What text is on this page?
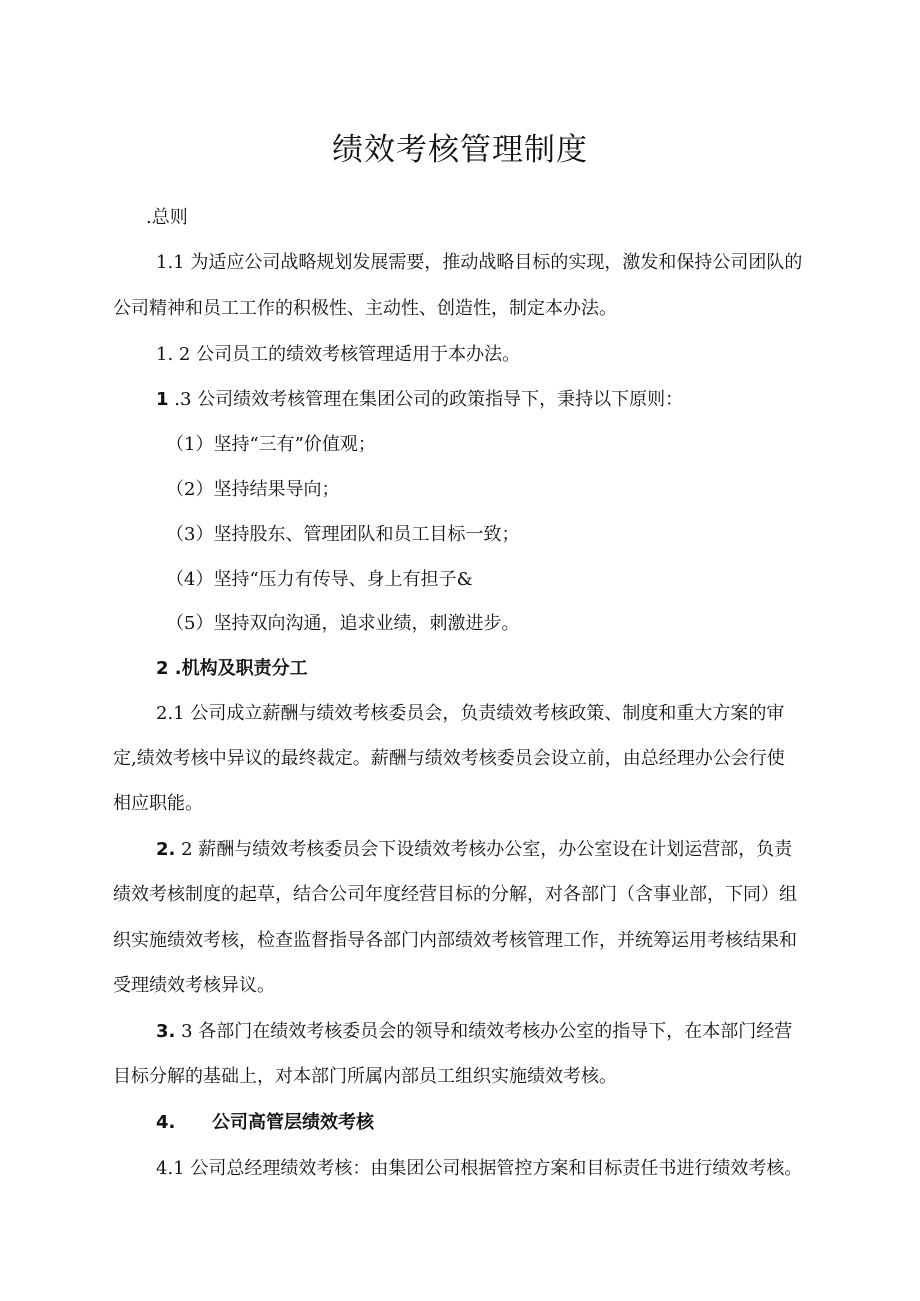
绩效考核管理制度
.总则
1.1 为适应公司战略规划发展需要，推动战略目标的实现，激发和保持公司团队的
公司精神和员工工作的积极性、主动性、创造性，制定本办法。
1. 2 公司员工的绩效考核管理适用于本办法。
1 .3 公司绩效考核管理在集团公司的政策指导下，秉持以下原则：
（1）坚持“三有”价值观；
（2）坚持结果导向；
（3）坚持股东、管理团队和员工目标一致；
（4）坚持“压力有传导、身上有担子&
（5）坚持双向沟通，追求业绩，刺激进步。
2 .机构及职责分工
2.1 公司成立薪酬与绩效考核委员会，负责绩效考核政策、制度和重大方案的审
定,绩效考核中异议的最终裁定。薪酬与绩效考核委员会设立前，由总经理办公会行使
相应职能。
2. 2 薪酬与绩效考核委员会下设绩效考核办公室，办公室设在计划运营部，负责
绩效考核制度的起草，结合公司年度经营目标的分解，对各部门（含事业部，下同）组
织实施绩效考核，检查监督指导各部门内部绩效考核管理工作，并统筹运用考核结果和
受理绩效考核异议。
3. 3 各部门在绩效考核委员会的领导和绩效考核办公室的指导下，在本部门经营
目标分解的基础上，对本部门所属内部员工组织实施绩效考核。
4. 公司高管层绩效考核
4.1 公司总经理绩效考核：由集团公司根据管控方案和目标责任书进行绩效考核。
